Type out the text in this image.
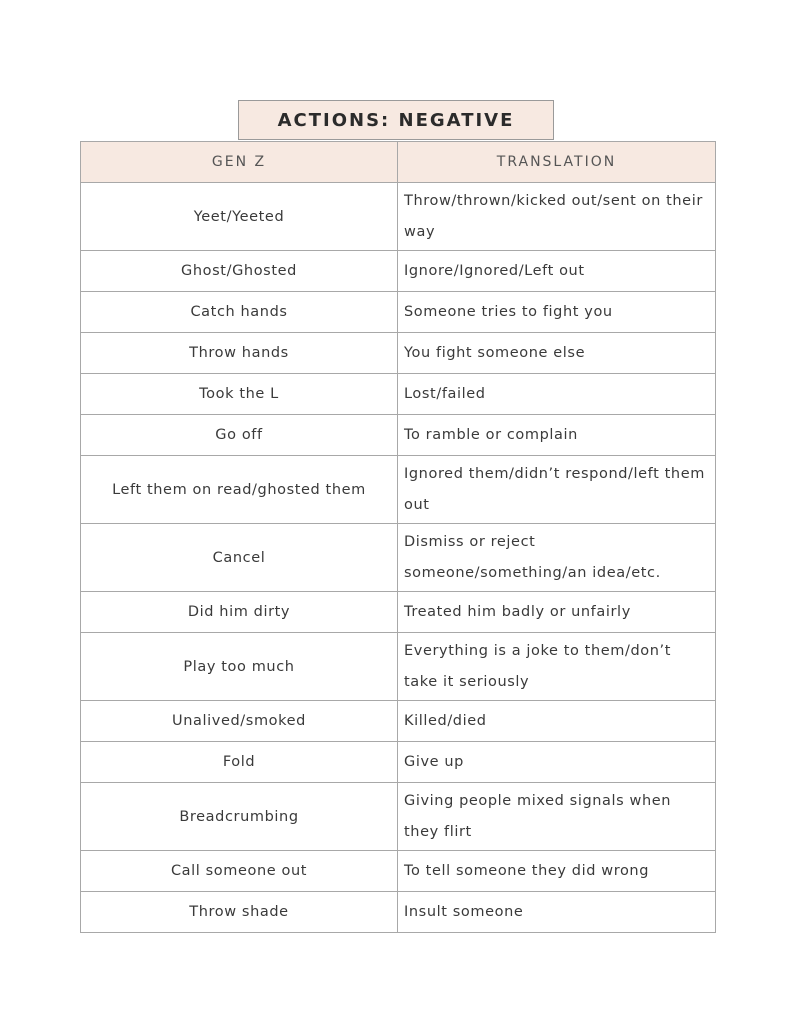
ACTIONS: NEGATIVE
GEN Z	TRANSLATION
Yeet/Yeeted	Throw/thrown/kicked out/sent on their way
Ghost/Ghosted	Ignore/Ignored/Left out
Catch hands	Someone tries to fight you
Throw hands	You fight someone else
Took the L	Lost/failed
Go off	To ramble or complain
Left them on read/ghosted them	Ignored them/didn’t respond/left them out
Cancel	Dismiss or reject someone/something/an idea/etc.
Did him dirty	Treated him badly or unfairly
Play too much	Everything is a joke to them/don’t take it seriously
Unalived/smoked	Killed/died
Fold	Give up
Breadcrumbing	Giving people mixed signals when they flirt
Call someone out	To tell someone they did wrong
Throw shade	Insult someone
